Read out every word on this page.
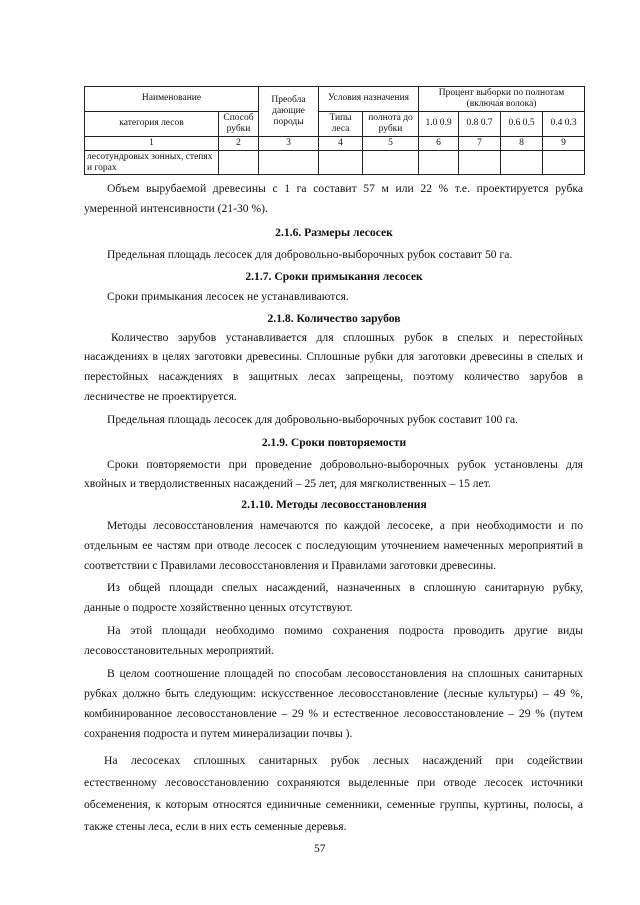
Наименование		Преобла дающие породы	Условия назначения		Процент выборки по полнотам (включая волока)			
категория лесов	Способ рубки		Типы леса	полнота до рубки	1.0 0.9	0.8 0.7	0.6 0.5	0.4 0.3
1	2	3	4	5	6	7	8	9
лесотундровых зонных, степях и горах								
Объем вырубаемой древесины с 1 га составит 57 м или 22 % т.е. проектируется рубка
умеренной интенсивности (21-30 %).
2.1.6. Размеры лесосек
Предельная площадь лесосек для добровольно-выборочных рубок составит 50 га.
2.1.7. Сроки примыкания лесосек
Сроки примыкания лесосек не устанавливаются.
2.1.8. Количество зарубов
Количество зарубов устанавливается для сплошных рубок в спелых и перестойных
насаждениях в целях заготовки древесины. Сплошные рубки для заготовки древесины в спелых и
перестойных насаждениях в защитных лесах запрещены, поэтому количество зарубов в
лесничестве не проектируется.
Предельная площадь лесосек для добровольно-выборочных рубок составит 100 га.
2.1.9. Сроки повторяемости
Сроки повторяемости при проведение добровольно-выборочных рубок установлены для
хвойных и твердолиственных насаждений – 25 лет, для мягколиственных – 15 лет.
2.1.10. Методы лесовосстановления
Методы лесовосстановления намечаются по каждой лесосеке, а при необходимости и по
отдельным ее частям при отводе лесосек с последующим уточнением намеченных мероприятий в
соответствии с Правилами лесовосстановления и Правилами заготовки древесины.
Из общей площади спелых насаждений, назначенных в сплошную санитарную рубку,
данные о подросте хозяйственно ценных отсутствуют.
На этой площади необходимо помимо сохранения подроста проводить другие виды
лесовосстановительных мероприятий.
В целом соотношение площадей по способам лесовосстановления на сплошных санитарных
рубках должно быть следующим: искусственное лесовосстановление (лесные культуры) – 49 %,
комбинированное лесовосстановление – 29 % и естественное лесовосстановление – 29 % (путем
сохранения подроста и путем минерализации почвы ).
На лесосеках сплошных санитарных рубок лесных насаждений при содействии
естественному лесовосстановлению сохраняются выделенные при отводе лесосек источники
обсеменения, к которым относятся единичные семенники, семенные группы, куртины, полосы, а
также стены леса, если в них есть семенные деревья.
57
